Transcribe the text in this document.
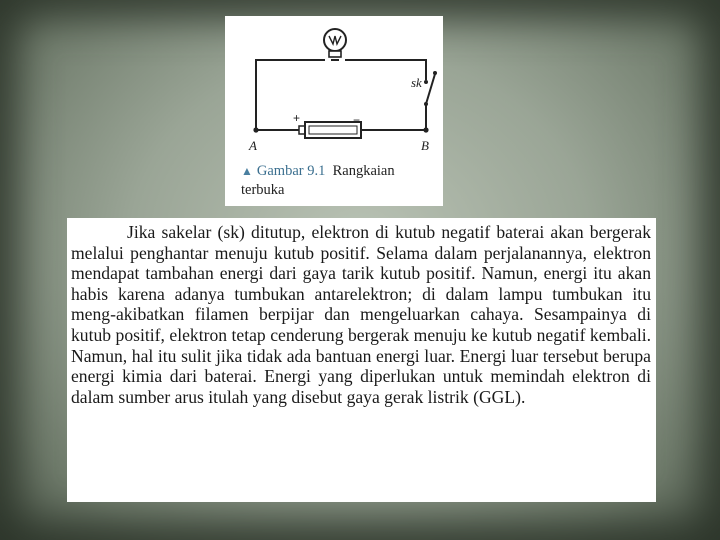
+	−
A	B
sk
▲ Gambar 9.1 Rangkaian terbuka

Jika sakelar (sk) ditutup, elektron di kutub negatif baterai akan bergerak melalui penghantar menuju kutub positif. Selama dalam perjalanannya, elektron mendapat tambahan energi dari gaya tarik kutub positif. Namun, energi itu akan habis karena adanya tumbukan antarelektron; di dalam lampu tumbukan itu meng-akibatkan filamen berpijar dan mengeluarkan cahaya. Sesampainya di kutub positif, elektron tetap cenderung bergerak menuju ke kutub negatif kembali. Namun, hal itu sulit jika tidak ada bantuan energi luar. Energi luar tersebut berupa energi kimia dari baterai. Energi yang diperlukan untuk memindah elektron di dalam sumber arus itulah yang disebut gaya gerak listrik (GGL).
